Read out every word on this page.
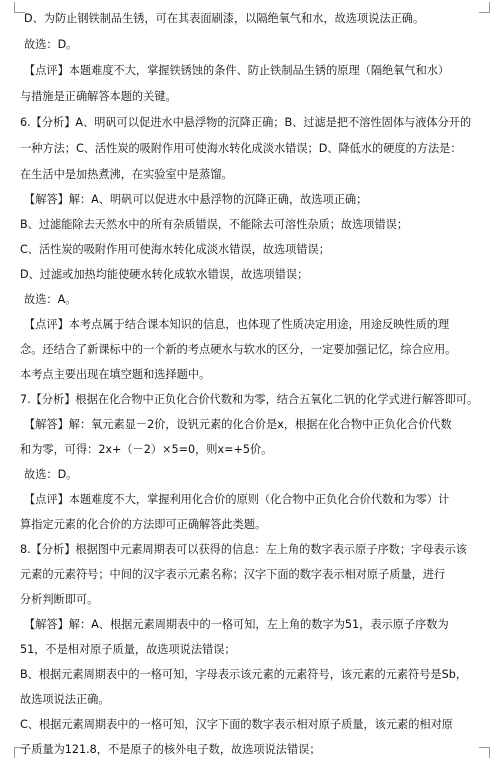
D、为防止钢铁制品生锈，可在其表面刷漆，以隔绝氧气和水，故选项说法正确。
故选：D。
【点评】本题难度不大，掌握铁锈蚀的条件、防止铁制品生锈的原理（隔绝氧气和水）
与措施是正确解答本题的关键。
6.【分析】A、明矾可以促进水中悬浮物的沉降正确；B、过滤是把不溶性固体与液体分开的
一种方法；C、活性炭的吸附作用可使海水转化成淡水错误；D、降低水的硬度的方法是：
在生活中是加热煮沸，在实验室中是蒸馏。
【解答】解：A、明矾可以促进水中悬浮物的沉降正确，故选项正确；
B、过滤能除去天然水中的所有杂质错误，不能除去可溶性杂质；故选项错误；
C、活性炭的吸附作用可使海水转化成淡水错误，故选项错误；
D、过滤或加热均能使硬水转化成软水错误，故选项错误；
故选：A。
【点评】本考点属于结合课本知识的信息，也体现了性质决定用途，用途反映性质的理
念。还结合了新课标中的一个新的考点硬水与软水的区分，一定要加强记忆，综合应用。
本考点主要出现在填空题和选择题中。
7.【分析】根据在化合物中正负化合价代数和为零，结合五氧化二钒的化学式进行解答即可。
【解答】解：氧元素显－2价，设钒元素的化合价是x，根据在化合物中正负化合价代数
和为零，可得：2x+（－2）×5=0，则x=+5价。
故选：D。
【点评】本题难度不大，掌握利用化合价的原则（化合物中正负化合价代数和为零）计
算指定元素的化合价的方法即可正确解答此类题。
8.【分析】根据图中元素周期表可以获得的信息：左上角的数字表示原子序数；字母表示该
元素的元素符号；中间的汉字表示元素名称；汉字下面的数字表示相对原子质量，进行
分析判断即可。
【解答】解：A、根据元素周期表中的一格可知，左上角的数字为51，表示原子序数为
51，不是相对原子质量，故选项说法错误；
B、根据元素周期表中的一格可知，字母表示该元素的元素符号，该元素的元素符号是Sb，
故选项说法正确。
C、根据元素周期表中的一格可知，汉字下面的数字表示相对原子质量，该元素的相对原
子质量为121.8，不是原子的核外电子数，故选项说法错误；
